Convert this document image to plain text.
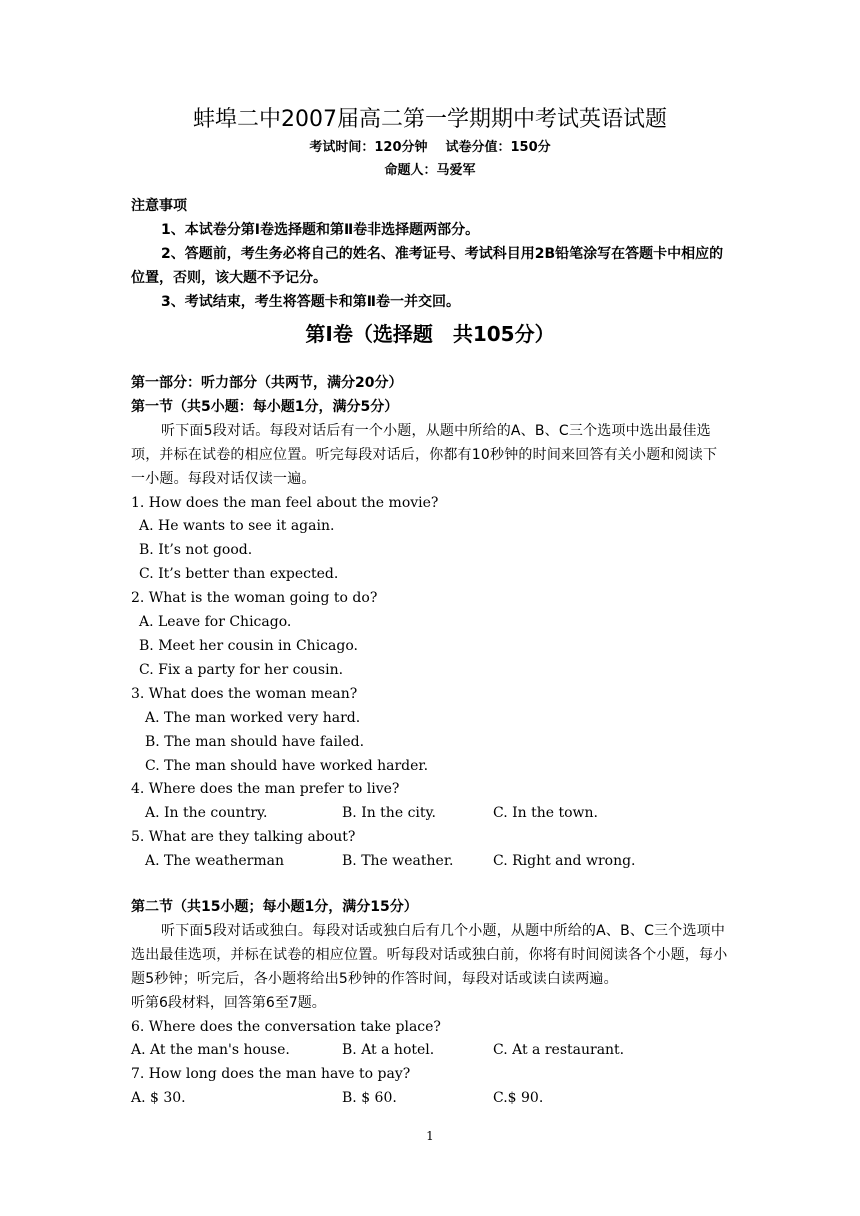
蚌埠二中2007届高二第一学期期中考试英语试题
考试时间：120分钟 试卷分值：150分
命题人：马爱军
注意事项
1、本试卷分第Ⅰ卷选择题和第Ⅱ卷非选择题两部分。
2、答题前，考生务必将自己的姓名、准考证号、考试科目用2B铅笔涂写在答题卡中相应的位置，否则，该大题不予记分。
3、考试结束，考生将答题卡和第Ⅱ卷一并交回。
第Ⅰ卷（选择题　共105分）
第一部分：听力部分（共两节，满分20分）
第一节（共5小题：每小题1分，满分5分）
听下面5段对话。每段对话后有一个小题，从题中所给的A、B、C三个选项中选出最佳选项，并标在试卷的相应位置。听完每段对话后，你都有10秒钟的时间来回答有关小题和阅读下一小题。每段对话仅读一遍。
1. How does the man feel about the movie?
A. He wants to see it again.
B. It’s not good.
C. It’s better than expected.
2. What is the woman going to do?
A. Leave for Chicago.
B. Meet her cousin in Chicago.
C. Fix a party for her cousin.
3. What does the woman mean?
A. The man worked very hard.
B. The man should have failed.
C. The man should have worked harder.
4. Where does the man prefer to live?
A. In the country.	B. In the city.	C. In the town.
5. What are they talking about?
A. The weatherman	B. The weather.	C. Right and wrong.
第二节（共15小题；每小题1分，满分15分）
听下面5段对话或独白。每段对话或独白后有几个小题，从题中所给的A、B、C三个选项中选出最佳选项，并标在试卷的相应位置。听每段对话或独白前，你将有时间阅读各个小题，每小题5秒钟；听完后，各小题将给出5秒钟的作答时间，每段对话或读白读两遍。
听第6段材料，回答第6至7题。
6. Where does the conversation take place?
A. At the man's house.	B. At a hotel.	C. At a restaurant.
7. How long does the man have to pay?
A. $ 30.	B. $ 60.	C.$ 90.
1
